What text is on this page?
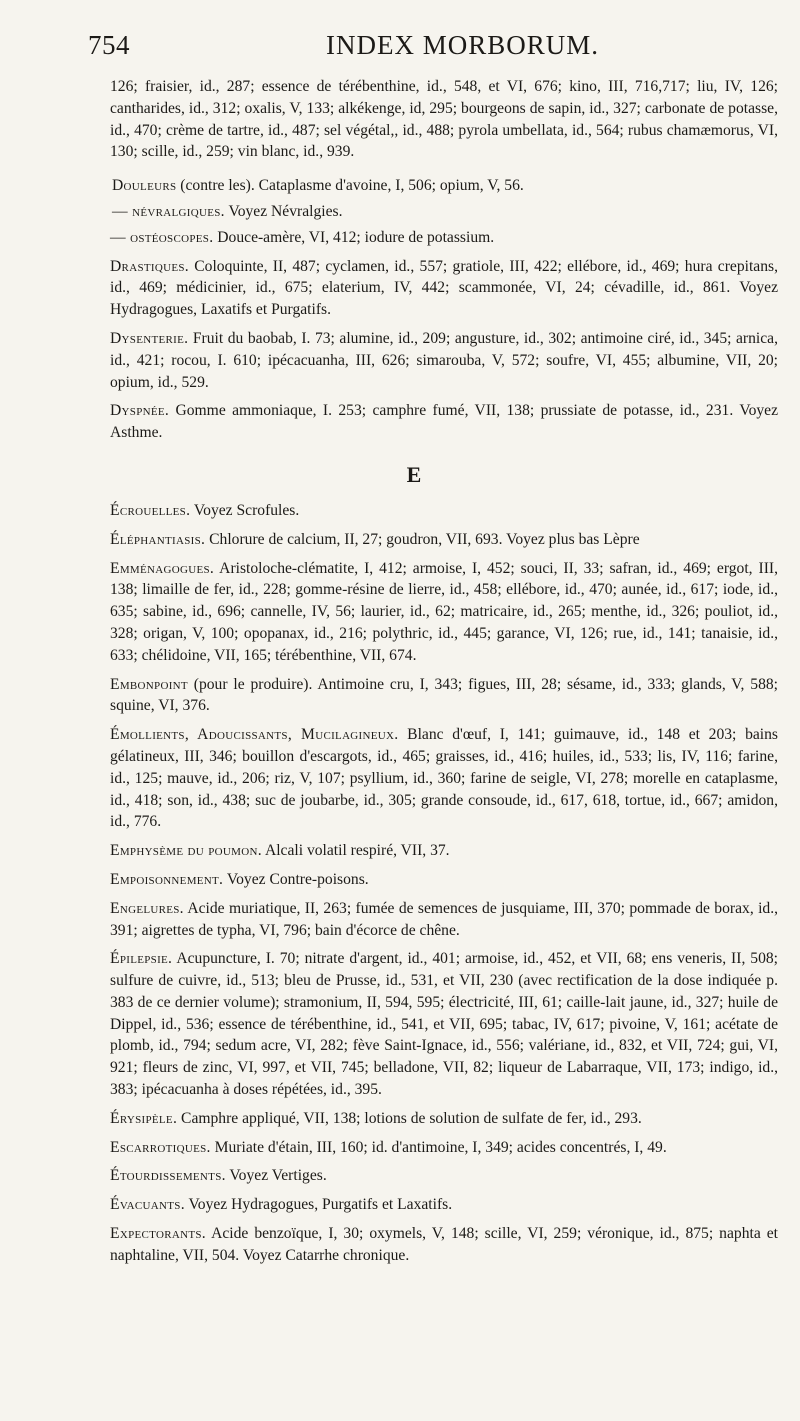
754	INDEX MORBORUM.

126; fraisier, id., 287; essence de térébenthine, id., 548, et VI, 676; kino, III, 716,717; liu, IV, 126; cantharides, id., 312; oxalis, V, 133; alkékenge, id, 295; bourgeons de sapin, id., 327; carbonate de potasse, id., 470; crème de tartre, id., 487; sel végétal,, id., 488; pyrola umbellata, id., 564; rubus chamæmorus, VI, 130; scille, id., 259; vin blanc, id., 939.

Douleurs (contre les). Cataplasme d'avoine, I, 506; opium, V, 56.

— névralgiques. Voyez Névralgies.

— ostéoscopes. Douce-amère, VI, 412; iodure de potassium.

Drastiques. Coloquinte, II, 487; cyclamen, id., 557; gratiole, III, 422; ellébore, id., 469; hura crepitans, id., 469; médicinier, id., 675; elaterium, IV, 442; scammonée, VI, 24; cévadille, id., 861. Voyez Hydragogues, Laxatifs et Purgatifs.

Dysenterie. Fruit du baobab, I. 73; alumine, id., 209; angusture, id., 302; antimoine ciré, id., 345; arnica, id., 421; rocou, I. 610; ipécacuanha, III, 626; simarouba, V, 572; soufre, VI, 455; albumine, VII, 20; opium, id., 529.

Dyspnée. Gomme ammoniaque, I. 253; camphre fumé, VII, 138; prussiate de potasse, id., 231. Voyez Asthme.

E

Écrouelles. Voyez Scrofules.

Éléphantiasis. Chlorure de calcium, II, 27; goudron, VII, 693. Voyez plus bas Lèpre

Emménagogues. Aristoloche-clématite, I, 412; armoise, I, 452; souci, II, 33; safran, id., 469; ergot, III, 138; limaille de fer, id., 228; gomme-résine de lierre, id., 458; ellébore, id., 470; aunée, id., 617; iode, id., 635; sabine, id., 696; cannelle, IV, 56; laurier, id., 62; matricaire, id., 265; menthe, id., 326; pouliot, id., 328; origan, V, 100; opopanax, id., 216; polythric, id., 445; garance, VI, 126; rue, id., 141; tanaisie, id., 633; chélidoine, VII, 165; térébenthine, VII, 674.

Embonpoint (pour le produire). Antimoine cru, I, 343; figues, III, 28; sésame, id., 333; glands, V, 588; squine, VI, 376.

Émollients, Adoucissants, Mucilagineux. Blanc d'œuf, I, 141; guimauve, id., 148 et 203; bains gélatineux, III, 346; bouillon d'escargots, id., 465; graisses, id., 416; huiles, id., 533; lis, IV, 116; farine, id., 125; mauve, id., 206; riz, V, 107; psyllium, id., 360; farine de seigle, VI, 278; morelle en cataplasme, id., 418; son, id., 438; suc de joubarbe, id., 305; grande consoude, id., 617, 618, tortue, id., 667; amidon, id., 776.

Emphysème du poumon. Alcali volatil respiré, VII, 37.

Empoisonnement. Voyez Contre-poisons.

Engelures. Acide muriatique, II, 263; fumée de semences de jusquiame, III, 370; pommade de borax, id., 391; aigrettes de typha, VI, 796; bain d'écorce de chêne.

Épilepsie. Acupuncture, I. 70; nitrate d'argent, id., 401; armoise, id., 452, et VII, 68; ens veneris, II, 508; sulfure de cuivre, id., 513; bleu de Prusse, id., 531, et VII, 230 (avec rectification de la dose indiquée p. 383 de ce dernier volume); stramonium, II, 594, 595; électricité, III, 61; caille-lait jaune, id., 327; huile de Dippel, id., 536; essence de térébenthine, id., 541, et VII, 695; tabac, IV, 617; pivoine, V, 161; acétate de plomb, id., 794; sedum acre, VI, 282; fève Saint-Ignace, id., 556; valériane, id., 832, et VII, 724; gui, VI, 921; fleurs de zinc, VI, 997, et VII, 745; belladone, VII, 82; liqueur de Labarraque, VII, 173; indigo, id., 383; ipécacuanha à doses répétées, id., 395.

Érysipèle. Camphre appliqué, VII, 138; lotions de solution de sulfate de fer, id., 293.

Escarrotiques. Muriate d'étain, III, 160; id. d'antimoine, I, 349; acides concentrés, I, 49.

Étourdissements. Voyez Vertiges.

Évacuants. Voyez Hydragogues, Purgatifs et Laxatifs.

Expectorants. Acide benzoïque, I, 30; oxymels, V, 148; scille, VI, 259; véronique, id., 875; naphta et naphtaline, VII, 504. Voyez Catarrhe chronique.
